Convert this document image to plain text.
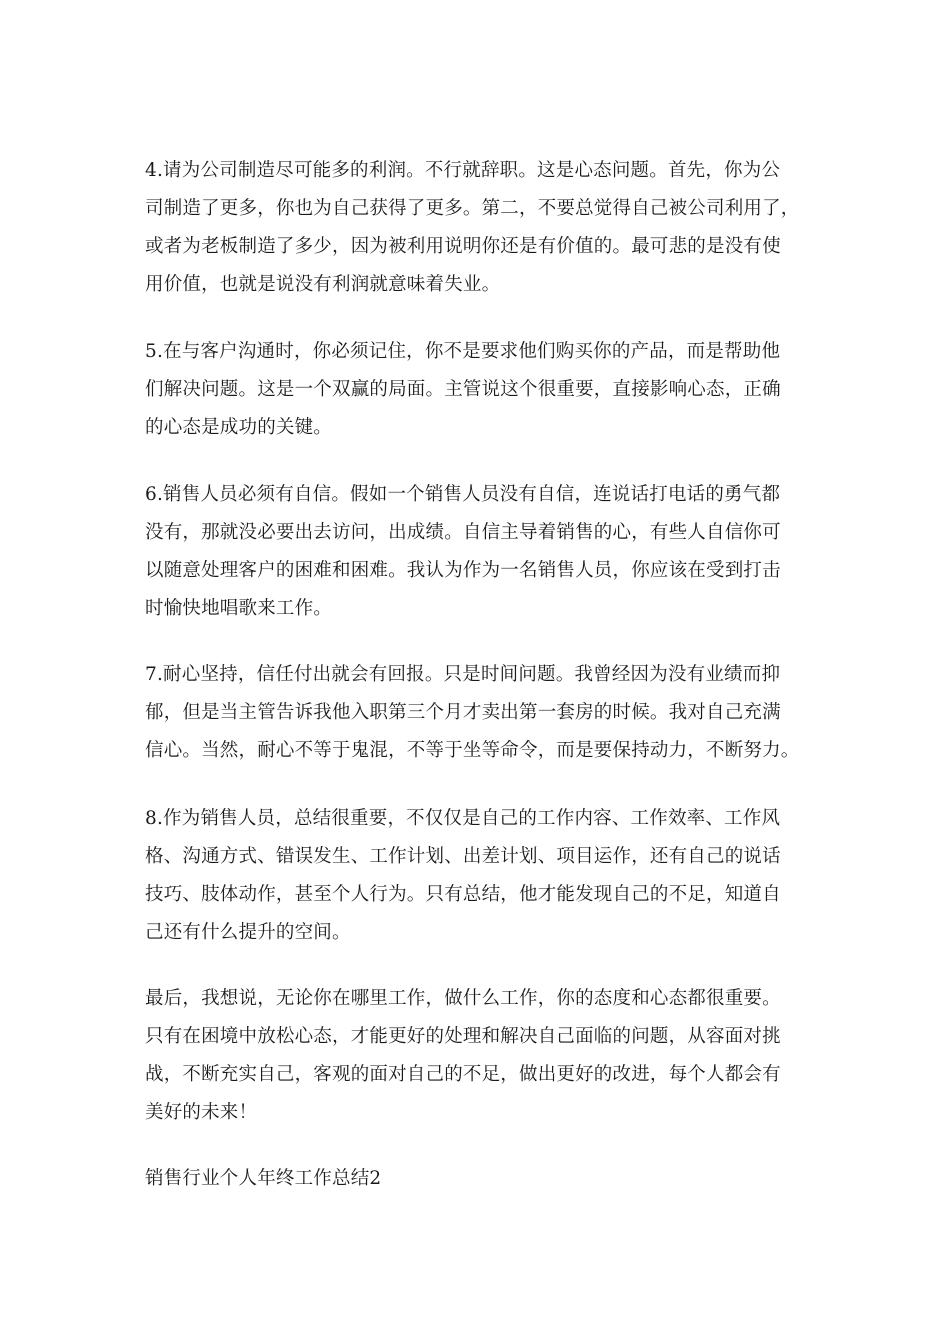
4.请为公司制造尽可能多的利润。不行就辞职。这是心态问题。首先，你为公
司制造了更多，你也为自己获得了更多。第二，不要总觉得自己被公司利用了，
或者为老板制造了多少，因为被利用说明你还是有价值的。最可悲的是没有使
用价值，也就是说没有利润就意味着失业。
5.在与客户沟通时，你必须记住，你不是要求他们购买你的产品，而是帮助他
们解决问题。这是一个双赢的局面。主管说这个很重要，直接影响心态，正确
的心态是成功的关键。
6.销售人员必须有自信。假如一个销售人员没有自信，连说话打电话的勇气都
没有，那就没必要出去访问，出成绩。自信主导着销售的心，有些人自信你可
以随意处理客户的困难和困难。我认为作为一名销售人员，你应该在受到打击
时愉快地唱歌来工作。
7.耐心坚持，信任付出就会有回报。只是时间问题。我曾经因为没有业绩而抑
郁，但是当主管告诉我他入职第三个月才卖出第一套房的时候。我对自己充满
信心。当然，耐心不等于鬼混，不等于坐等命令，而是要保持动力，不断努力。
8.作为销售人员，总结很重要，不仅仅是自己的工作内容、工作效率、工作风
格、沟通方式、错误发生、工作计划、出差计划、项目运作，还有自己的说话
技巧、肢体动作，甚至个人行为。只有总结，他才能发现自己的不足，知道自
己还有什么提升的空间。
最后，我想说，无论你在哪里工作，做什么工作，你的态度和心态都很重要。
只有在困境中放松心态，才能更好的处理和解决自己面临的问题，从容面对挑
战，不断充实自己，客观的面对自己的不足，做出更好的改进，每个人都会有
美好的未来！
销售行业个人年终工作总结2
